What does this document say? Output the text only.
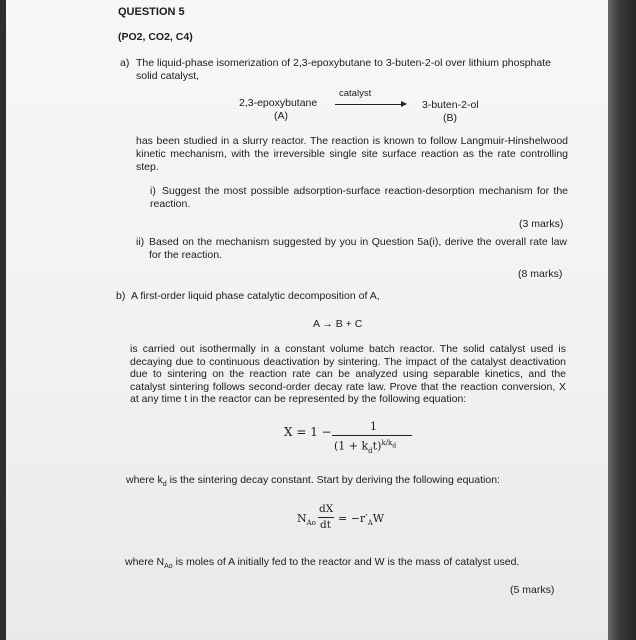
QUESTION 5
(PO2, CO2, C4)
a) The liquid-phase isomerization of 2,3-epoxybutane to 3-buten-2-ol over lithium phosphate
solid catalyst,
2,3-epoxybutane
(A)
catalyst
3-buten-2-ol
(B)
has been studied in a slurry reactor. The reaction is known to follow Langmuir-Hinshelwood kinetic mechanism, with the irreversible single site surface reaction as the rate controlling step.
i) Suggest the most possible adsorption-surface reaction-desorption mechanism for the reaction.
(3 marks)
ii) Based on the mechanism suggested by you in Question 5a(i), derive the overall rate law for the reaction.
(8 marks)
b) A first-order liquid phase catalytic decomposition of A,
A → B + C
is carried out isothermally in a constant volume batch reactor. The solid catalyst used is decaying due to continuous deactivation by sintering. The impact of the catalyst deactivation due to sintering on the reaction rate can be analyzed using separable kinetics, and the catalyst sintering follows second-order decay rate law. Prove that the reaction conversion, X at any time t in the reactor can be represented by the following equation:
X = 1 −	1
$(1 + k_dt)^{k/k_d}$
where $k_d$ is the sintering decay constant. Start by deriving the following equation:
$N_{Ao}$
dX
dt = $-r'_AW$
where $N_{Ao}$ is moles of A initially fed to the reactor and W is the mass of catalyst used.
(5 marks)
